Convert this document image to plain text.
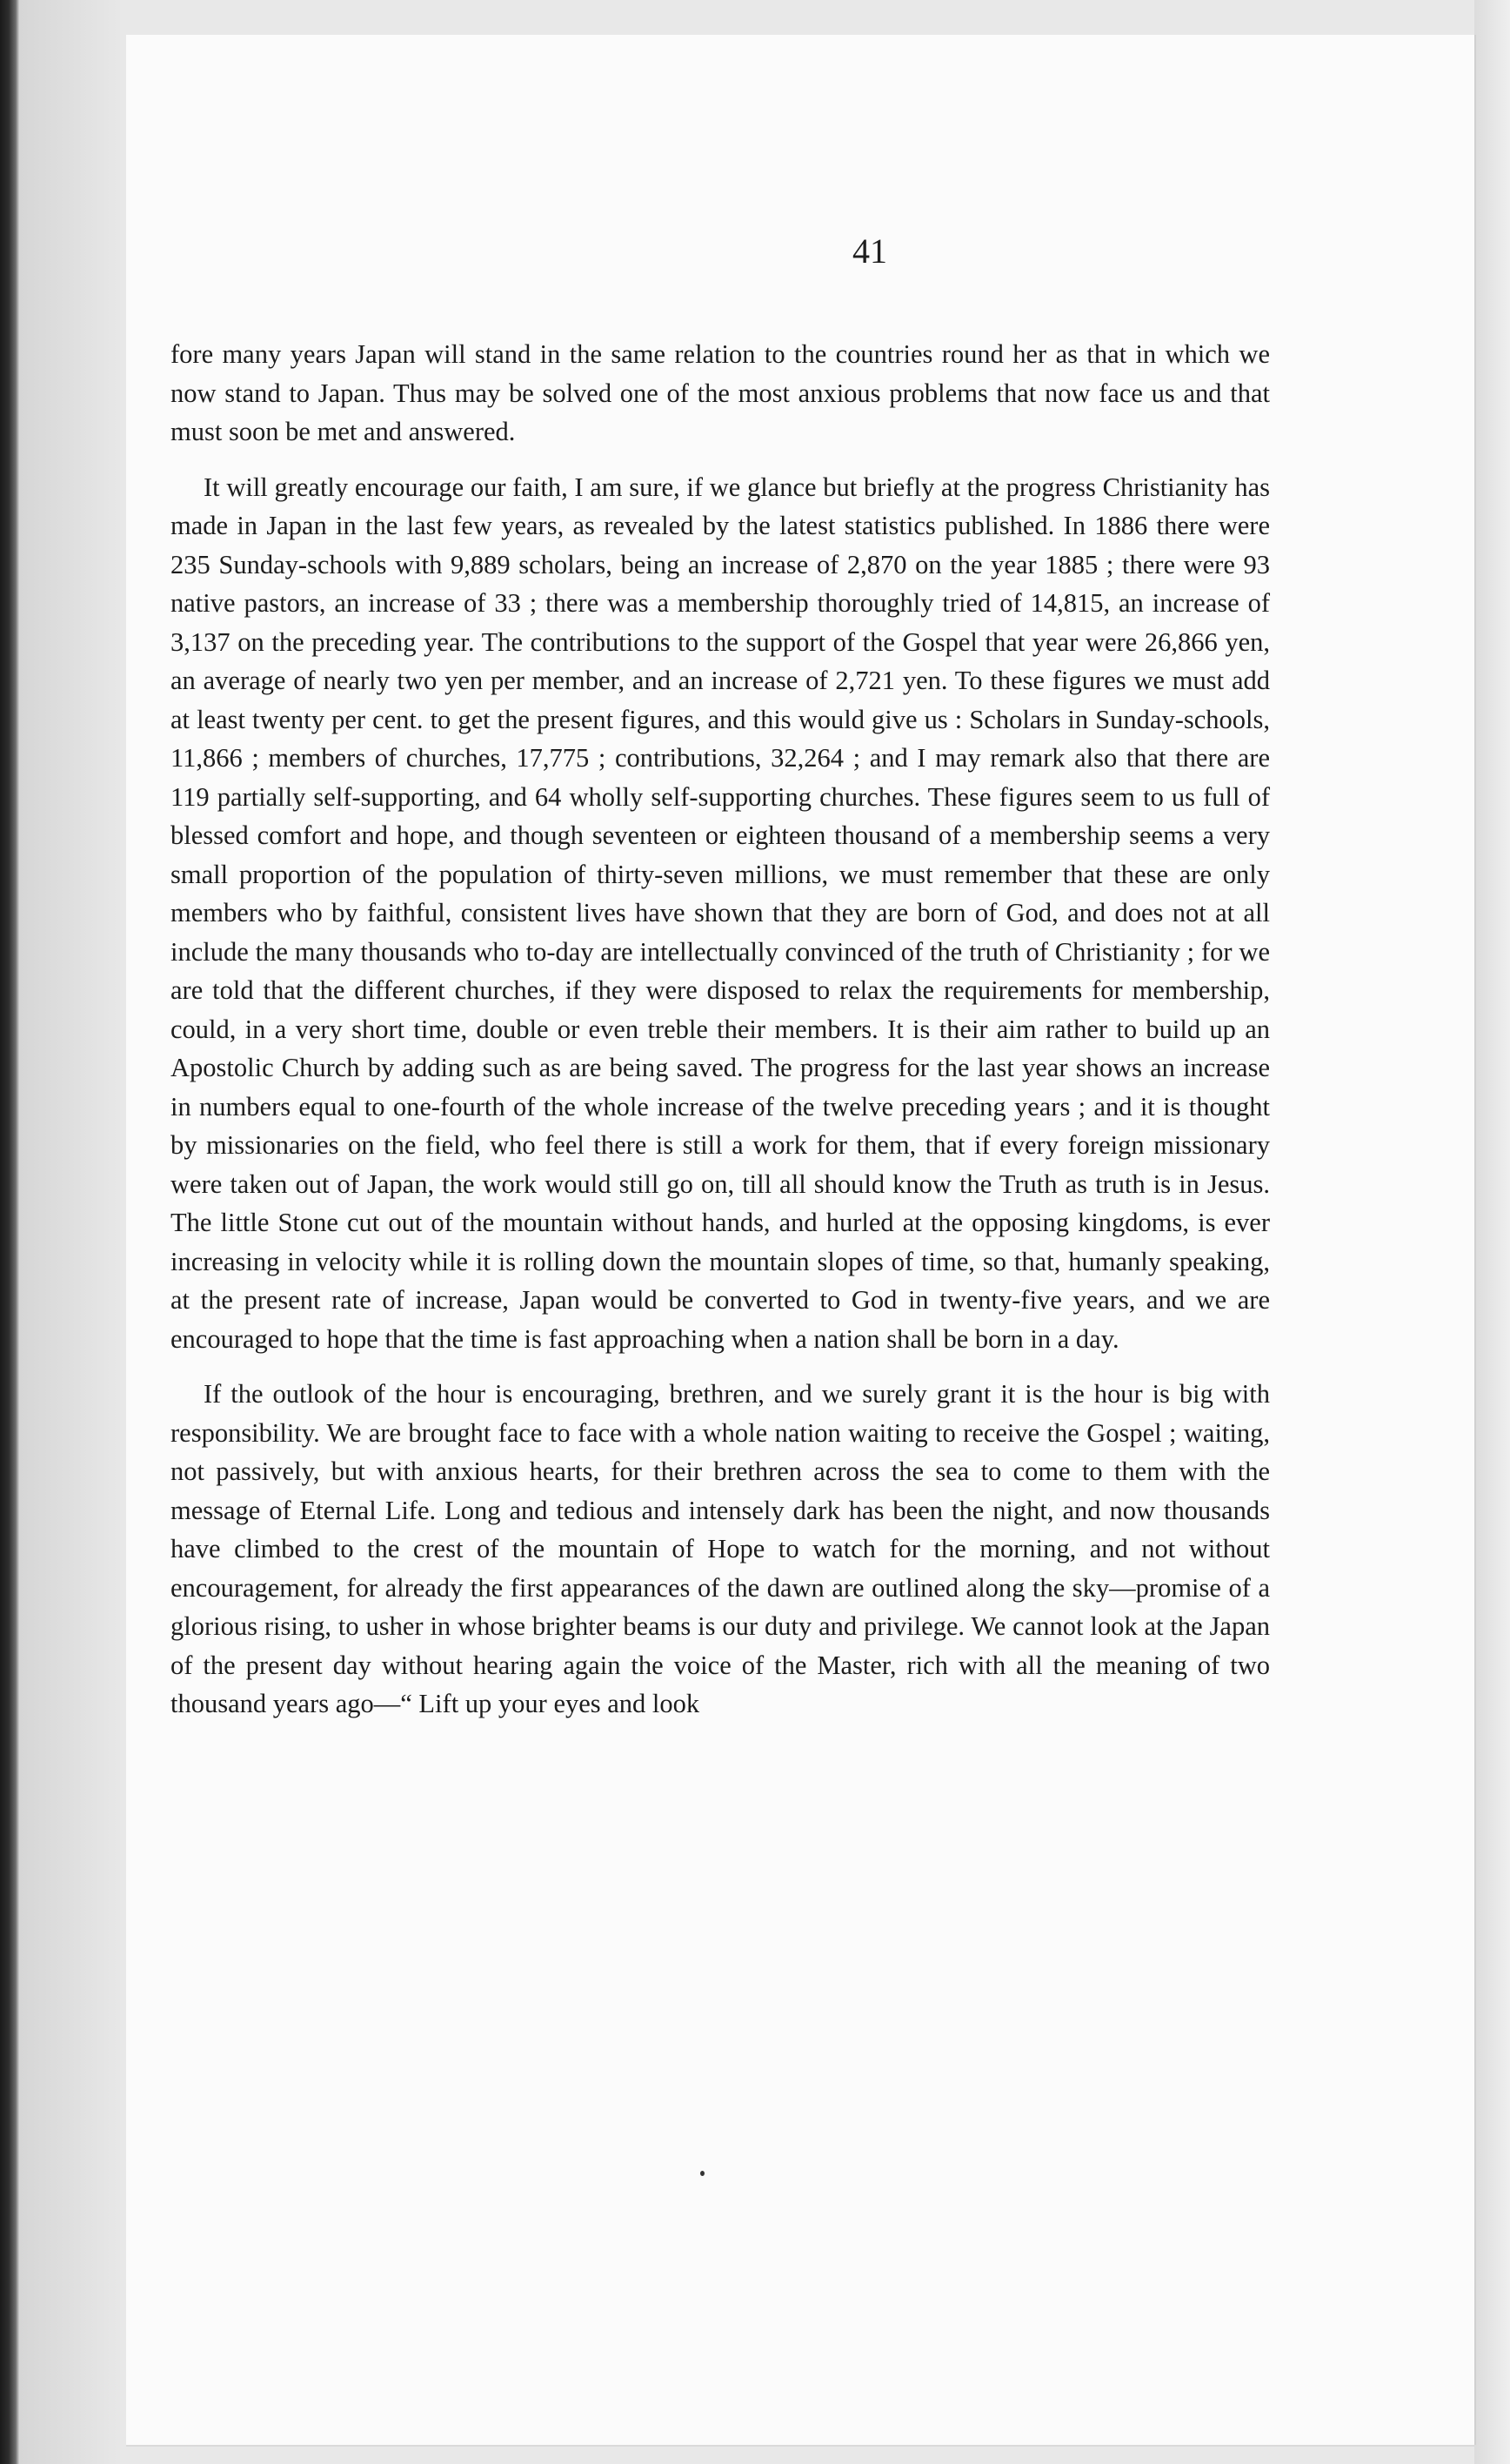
41

fore many years Japan will stand in the same relation to the countries round her as that in which we now stand to Japan. Thus may be solved one of the most anxious problems that now face us and that must soon be met and answered.

It will greatly encourage our faith, I am sure, if we glance but briefly at the progress Christianity has made in Japan in the last few years, as revealed by the latest statistics published. In 1886 there were 235 Sunday-schools with 9,889 scholars, being an increase of 2,870 on the year 1885 ; there were 93 native pastors, an increase of 33 ; there was a membership thoroughly tried of 14,815, an increase of 3,137 on the preceding year. The contributions to the support of the Gospel that year were 26,866 yen, an average of nearly two yen per member, and an increase of 2,721 yen. To these figures we must add at least twenty per cent. to get the present figures, and this would give us : Scholars in Sunday-schools, 11,866 ; members of churches, 17,775 ; contributions, 32,264 ; and I may remark also that there are 119 partially self-supporting, and 64 wholly self-supporting churches. These figures seem to us full of blessed comfort and hope, and though seventeen or eighteen thousand of a membership seems a very small proportion of the population of thirty-seven millions, we must remember that these are only members who by faithful, consistent lives have shown that they are born of God, and does not at all include the many thousands who to-day are intellectually convinced of the truth of Christianity ; for we are told that the different churches, if they were disposed to relax the requirements for membership, could, in a very short time, double or even treble their members. It is their aim rather to build up an Apostolic Church by adding such as are being saved. The progress for the last year shows an increase in numbers equal to one-fourth of the whole increase of the twelve preceding years ; and it is thought by missionaries on the field, who feel there is still a work for them, that if every foreign missionary were taken out of Japan, the work would still go on, till all should know the Truth as truth is in Jesus. The little Stone cut out of the mountain without hands, and hurled at the opposing kingdoms, is ever increasing in velocity while it is rolling down the mountain slopes of time, so that, humanly speaking, at the present rate of increase, Japan would be converted to God in twenty-five years, and we are encouraged to hope that the time is fast approaching when a nation shall be born in a day.

If the outlook of the hour is encouraging, brethren, and we surely grant it is the hour is big with responsibility. We are brought face to face with a whole nation waiting to receive the Gospel ; waiting, not passively, but with anxious hearts, for their brethren across the sea to come to them with the message of Eternal Life. Long and tedious and intensely dark has been the night, and now thousands have climbed to the crest of the mountain of Hope to watch for the morning, and not without encouragement, for already the first appearances of the dawn are outlined along the sky—promise of a glorious rising, to usher in whose brighter beams is our duty and privilege. We cannot look at the Japan of the present day without hearing again the voice of the Master, rich with all the meaning of two thousand years ago—“ Lift up your eyes and look
